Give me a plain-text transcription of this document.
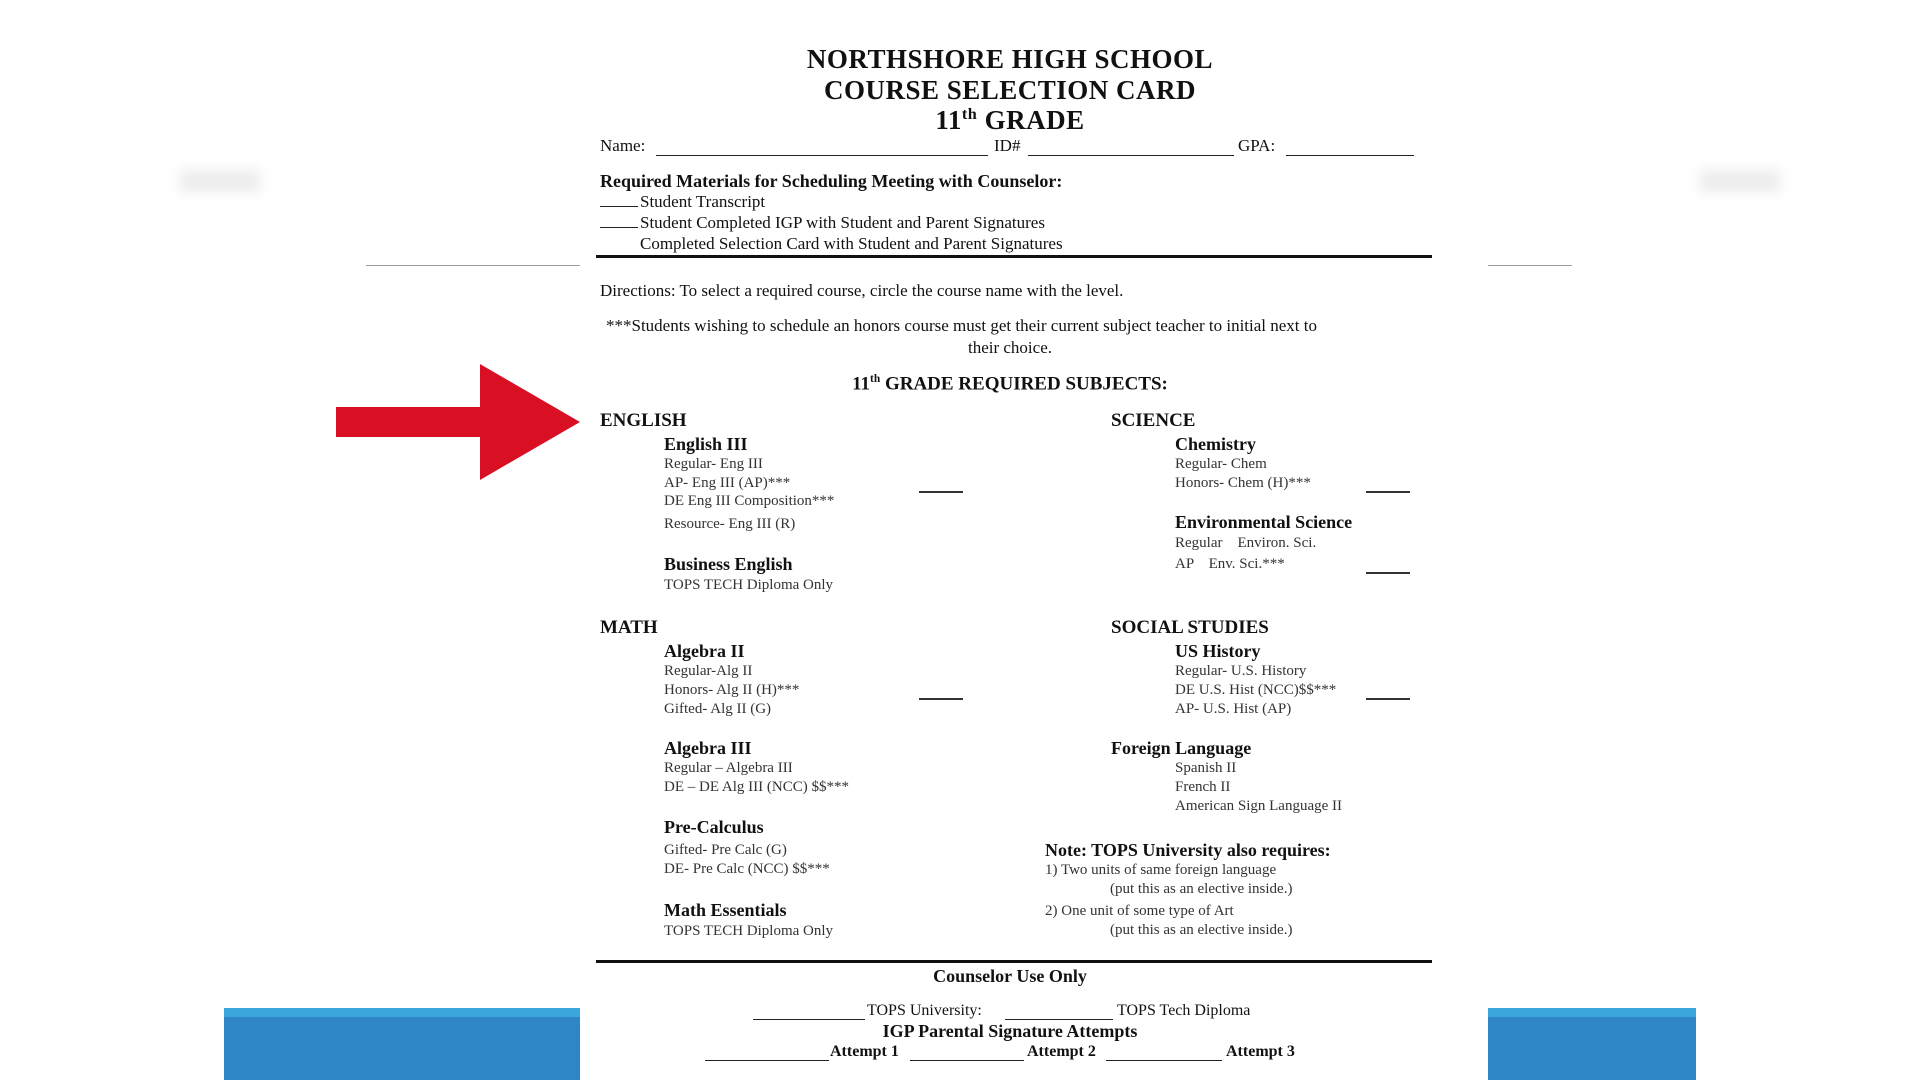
NORTHSHORE HIGH SCHOOL
COURSE SELECTION CARD
11th GRADE
Name:	ID#	GPA:
Required Materials for Scheduling Meeting with Counselor:
Student Transcript
Student Completed IGP with Student and Parent Signatures
Completed Selection Card with Student and Parent Signatures
Directions: To select a required course, circle the course name with the level.
***Students wishing to schedule an honors course must get their current subject teacher to initial next to
their choice.
11th GRADE REQUIRED SUBJECTS:
ENGLISH
English III
Regular- Eng III
AP- Eng III (AP)***
DE Eng III Composition***
Resource- Eng III (R)
Business English
TOPS TECH Diploma Only
MATH
Algebra II
Regular-Alg II
Honors- Alg II (H)***
Gifted- Alg II (G)
Algebra III
Regular – Algebra III
DE – DE Alg III (NCC) $$***
Pre-Calculus
Gifted- Pre Calc (G)
DE- Pre Calc (NCC) $$***
Math Essentials
TOPS TECH Diploma Only
SCIENCE
Chemistry
Regular- Chem
Honors- Chem (H)***
Environmental Science
Regular    Environ. Sci.
AP    Env. Sci.***
SOCIAL STUDIES
US History
Regular- U.S. History
DE U.S. Hist (NCC)$$***
AP- U.S. Hist (AP)
Foreign Language
Spanish II
French II
American Sign Language II
Note: TOPS University also requires:
1) Two units of same foreign language
(put this as an elective inside.)
2) One unit of some type of Art
(put this as an elective inside.)
Counselor Use Only
TOPS University:	TOPS Tech Diploma
IGP Parental Signature Attempts
Attempt 1	Attempt 2	Attempt 3
